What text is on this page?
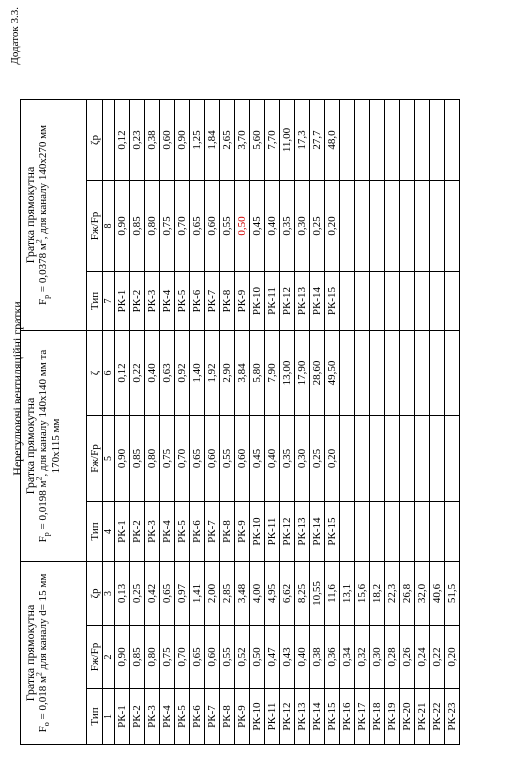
Додаток 3.3.
Нерегулюючі вентиляційні гратки
Гратка прямокутна
$F_о = 0,018$ $м^2$ для каналу d= 15 мм			Гратка прямокутна
$F_р = 0,0198$ $м^2$, для каналу 140х140 мм та 170х115 мм			Гратка прямокутна
$F_р = 0,0378$ $м^2$, для каналу 140х270 мм		

Тип	Fж/Fр	ζр	Тип	Fж/Fр	ζ	Тип	Fж/Fр	ζр
1	2	3	4	5	6	7	8	
РК-1	0,90	0,13	РК-1	0,90	0,12	РК-1	0,90	0,12
РК-2	0,85	0,25	РК-2	0,85	0,22	РК-2	0,85	0,23
РК-3	0,80	0,42	РК-3	0,80	0,40	РК-3	0,80	0,38
РК-4	0,75	0,65	РК-4	0,75	0,63	РК-4	0,75	0,60
РК-5	0,70	0,97	РК-5	0,70	0,92	РК-5	0,70	0,90
РК-6	0,65	1,41	РК-6	0,65	1,40	РК-6	0,65	1,25
РК-7	0,60	2,00	РК-7	0,60	1,92	РК-7	0,60	1,84
РК-8	0,55	2,85	РК-8	0,55	2,90	РК-8	0,55	2,65
РК-9	0,52	3,48	РК-9	0,60	3,84	РК-9	0,50	3,70
РК-10	0,50	4,00	РК-10	0,45	5,80	РК-10	0,45	5,60
РК-11	0,47	4,95	РК-11	0,40	7,90	РК-11	0,40	7,70
РК-12	0,43	6,62	РК-12	0,35	13,00	РК-12	0,35	11,00
РК-13	0,40	8,25	РК-13	0,30	17,90	РК-13	0,30	17,3
РК-14	0,38	10,55	РК-14	0,25	28,60	РК-14	0,25	27,7
РК-15	0,36	11,6	РК-15	0,20	49,50	РК-15	0,20	48,0
РК-16	0,34	13,1						
РК-17	0,32	15,6						
РК-18	0,30	18,2						
РК-19	0,28	22,3						
РК-20	0,26	26,8						
РК-21	0,24	32,0						
РК-22	0,22	40,6						
РК-23	0,20	51,5						
